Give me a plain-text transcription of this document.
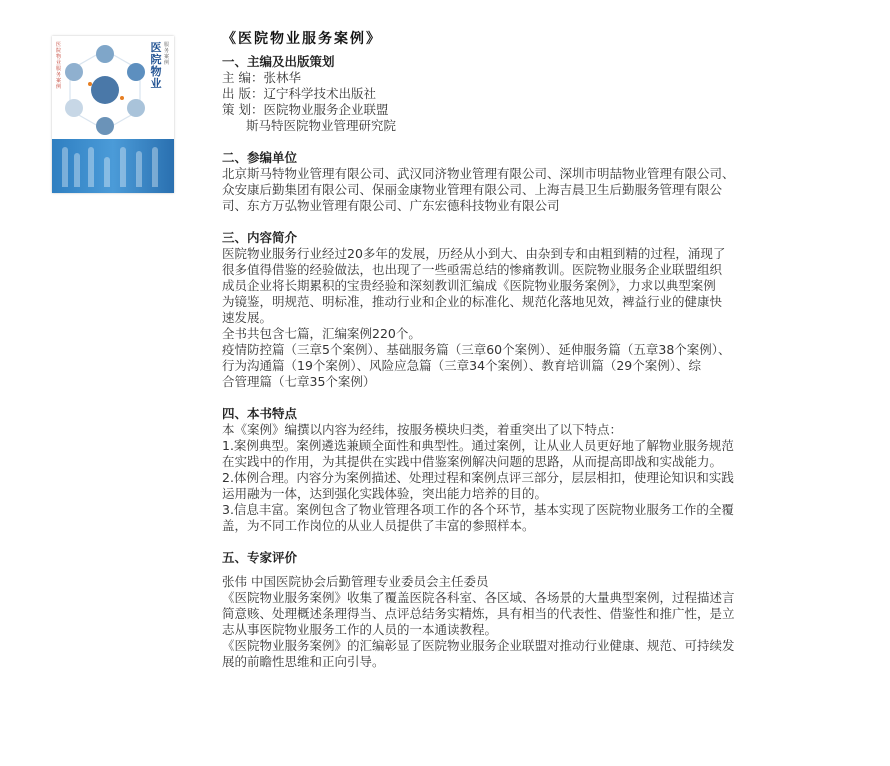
医院物业服务案例
医院物业
服务案例
《医院物业服务案例》
一、主编及出版策划
主 编：张林华
出 版：辽宁科学技术出版社
策 划：医院物业服务企业联盟
斯马特医院物业管理研究院
二、参编单位
北京斯马特物业管理有限公司、武汉同济物业管理有限公司、深圳市明喆物业管理有限公司、
众安康后勤集团有限公司、保丽金康物业管理有限公司、上海吉晨卫生后勤服务管理有限公
司、东方万弘物业管理有限公司、广东宏德科技物业有限公司
三、内容简介
医院物业服务行业经过20多年的发展，历经从小到大、由杂到专和由粗到精的过程，涌现了
很多值得借鉴的经验做法，也出现了一些亟需总结的惨痛教训。医院物业服务企业联盟组织
成员企业将长期累积的宝贵经验和深刻教训汇编成《医院物业服务案例》，力求以典型案例
为镜鉴，明规范、明标准，推动行业和企业的标准化、规范化落地见效，裨益行业的健康快
速发展。
全书共包含七篇，汇编案例220个。
疫情防控篇（三章5个案例）、基础服务篇（三章60个案例）、延伸服务篇（五章38个案例）、
行为沟通篇（19个案例）、风险应急篇（三章34个案例）、教育培训篇（29个案例）、综
合管理篇（七章35个案例）
四、本书特点
本《案例》编撰以内容为经纬，按服务模块归类，着重突出了以下特点：
1.案例典型。案例遴选兼顾全面性和典型性。通过案例，让从业人员更好地了解物业服务规范
在实践中的作用，为其提供在实践中借鉴案例解决问题的思路，从而提高即战和实战能力。
2.体例合理。内容分为案例描述、处理过程和案例点评三部分，层层相扣，使理论知识和实践
运用融为一体，达到强化实践体验，突出能力培养的目的。
3.信息丰富。案例包含了物业管理各项工作的各个环节，基本实现了医院物业服务工作的全覆
盖，为不同工作岗位的从业人员提供了丰富的参照样本。
五、专家评价
张伟 中国医院协会后勤管理专业委员会主任委员
《医院物业服务案例》收集了覆盖医院各科室、各区域、各场景的大量典型案例，过程描述言
简意赅、处理概述条理得当、点评总结务实精炼，具有相当的代表性、借鉴性和推广性，是立
志从事医院物业服务工作的人员的一本通读教程。
《医院物业服务案例》的汇编彰显了医院物业服务企业联盟对推动行业健康、规范、可持续发
展的前瞻性思维和正向引导。
